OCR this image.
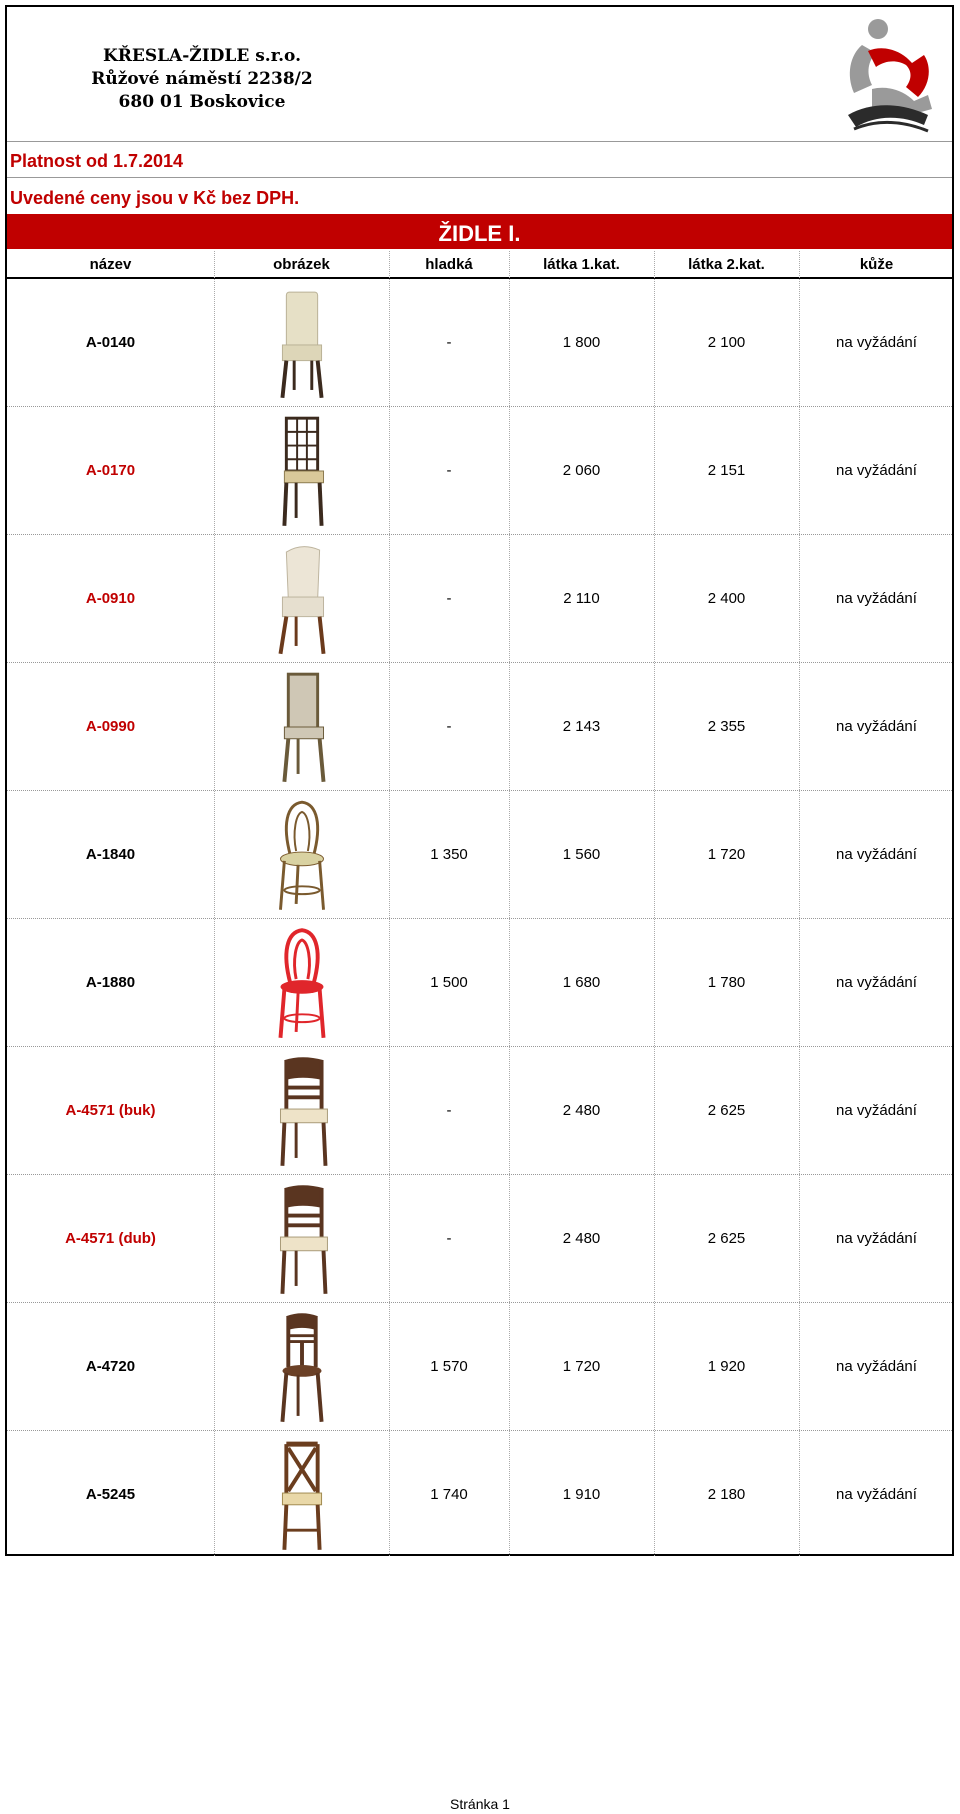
KŘESLA-ŽIDLE s.r.o.
Růžové náměstí 2238/2
680 01 Boskovice
Platnost od 1.7.2014
Uvedené ceny jsou v Kč bez DPH.
ŽIDLE I.
název	obrázek	hladká	látka 1.kat.	látka 2.kat.	kůže
A-0140	-	1 800	2 100	na vyžádání
A-0170	-	2 060	2 151	na vyžádání
A-0910	-	2 110	2 400	na vyžádání
A-0990	-	2 143	2 355	na vyžádání
A-1840	1 350	1 560	1 720	na vyžádání
A-1880	1 500	1 680	1 780	na vyžádání
A-4571 (buk)	-	2 480	2 625	na vyžádání
A-4571 (dub)	-	2 480	2 625	na vyžádání
A-4720	1 570	1 720	1 920	na vyžádání
A-5245	1 740	1 910	2 180	na vyžádání
Stránka 1
